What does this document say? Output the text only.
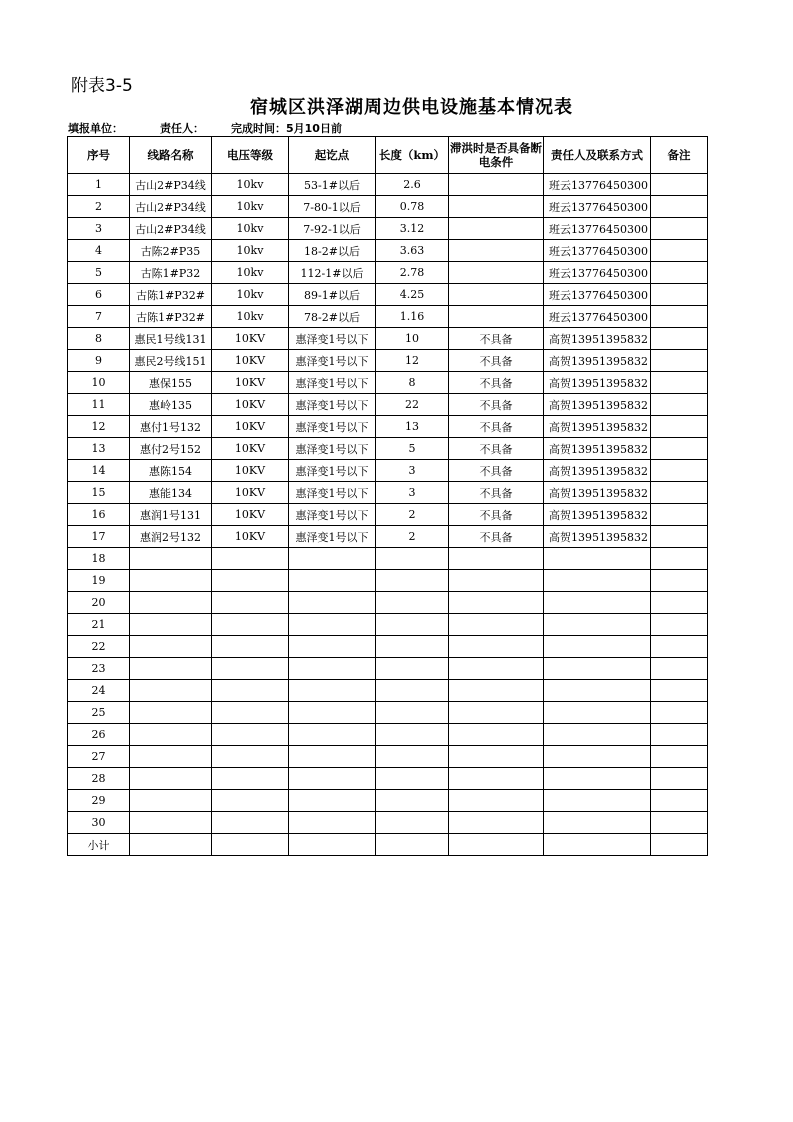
附表3-5
宿城区洪泽湖周边供电设施基本情况表
填报单位：	责任人： 完成时间：5月10日前
序号	线路名称	电压等级	起讫点	长度（km）	滞洪时是否具备断电条件	责任人及联系方式	备注
1	古山2#P34线	10kv	53-1#以后	2.6		班云13776450300	
2	古山2#P34线	10kv	7-80-1以后	0.78		班云13776450300	
3	古山2#P34线	10kv	7-92-1以后	3.12		班云13776450300	
4	古陈2#P35	10kv	18-2#以后	3.63		班云13776450300	
5	古陈1#P32	10kv	112-1#以后	2.78		班云13776450300	
6	古陈1#P32#	10kv	89-1#以后	4.25		班云13776450300	
7	古陈1#P32#	10kv	78-2#以后	1.16		班云13776450300	
8	惠民1号线131	10KV	惠泽变1号以下	10	不具备	高贺13951395832	
9	惠民2号线151	10KV	惠泽变1号以下	12	不具备	高贺13951395832	
10	惠保155	10KV	惠泽变1号以下	8	不具备	高贺13951395832	
11	惠岭135	10KV	惠泽变1号以下	22	不具备	高贺13951395832	
12	惠付1号132	10KV	惠泽变1号以下	13	不具备	高贺13951395832	
13	惠付2号152	10KV	惠泽变1号以下	5	不具备	高贺13951395832	
14	惠陈154	10KV	惠泽变1号以下	3	不具备	高贺13951395832	
15	惠能134	10KV	惠泽变1号以下	3	不具备	高贺13951395832	
16	惠润1号131	10KV	惠泽变1号以下	2	不具备	高贺13951395832	
17	惠润2号132	10KV	惠泽变1号以下	2	不具备	高贺13951395832	
18							
19							
20							
21							
22							
23							
24							
25							
26							
27							
28							
29							
30							
小计							
